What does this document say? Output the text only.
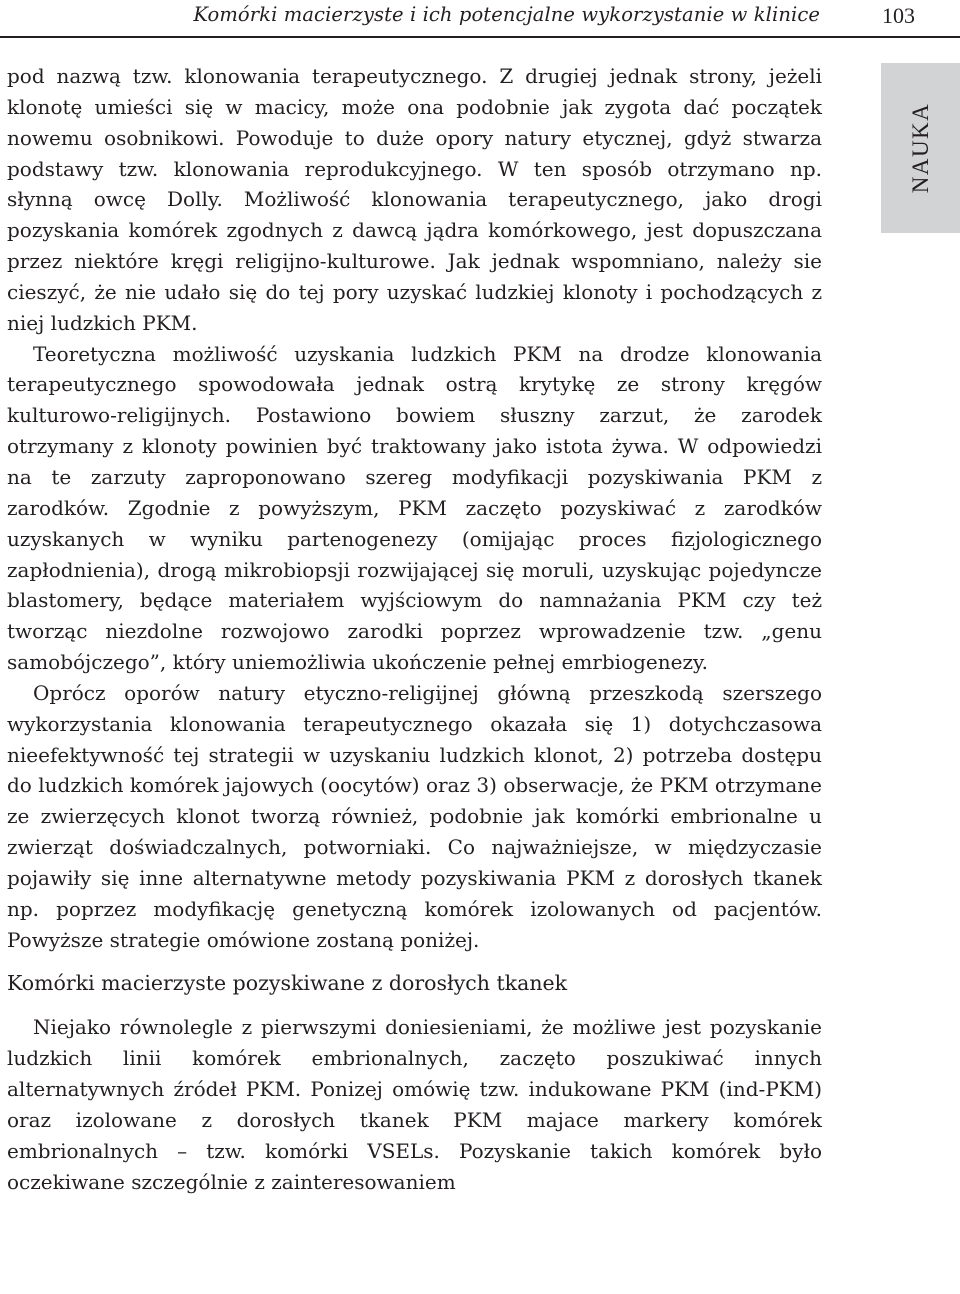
Komórki macierzyste i ich potencjalne wykorzystanie w klinice	103
NAUKA

pod nazwą tzw. klonowania terapeutycznego. Z drugiej jednak strony, jeżeli klonotę umieści się w macicy, może ona podobnie jak zygota dać początek nowemu osobnikowi. Powoduje to duże opory natury etycznej, gdyż stwarza podstawy tzw. klonowania reprodukcyjnego. W ten sposób otrzymano np. słynną owcę Dolly. Możliwość klonowania terapeutycznego, jako drogi pozyskania komórek zgodnych z dawcą jądra komórkowego, jest dopuszczana przez niektóre kręgi religijno-kulturowe. Jak jednak wspomniano, należy sie cieszyć, że nie udało się do tej pory uzyskać ludzkiej klonoty i pochodzących z niej ludzkich PKM.

Teoretyczna możliwość uzyskania ludzkich PKM na drodze klonowania terapeutycznego spowodowała jednak ostrą krytykę ze strony kręgów kulturowo-religijnych. Postawiono bowiem słuszny zarzut, że zarodek otrzymany z klonoty powinien być traktowany jako istota żywa. W odpowiedzi na te zarzuty zaproponowano szereg modyfikacji pozyskiwania PKM z zarodków. Zgodnie z powyższym, PKM zaczęto pozyskiwać z zarodków uzyskanych w wyniku partenogenezy (omijając proces fizjologicznego zapłodnienia), drogą mikrobiopsji rozwijającej się moruli, uzyskując pojedyncze blastomery, będące materiałem wyjściowym do namnażania PKM czy też tworząc niezdolne rozwojowo zarodki poprzez wprowadzenie tzw. „genu samobójczego”, który uniemożliwia ukończenie pełnej emrbiogenezy.

Oprócz oporów natury etyczno-religijnej główną przeszkodą szerszego wykorzystania klonowania terapeutycznego okazała się 1) dotychczasowa nieefektywność tej strategii w uzyskaniu ludzkich klonot, 2) potrzeba dostępu do ludzkich komórek jajowych (oocytów) oraz 3) obserwacje, że PKM otrzymane ze zwierzęcych klonot tworzą również, podobnie jak komórki embrionalne u zwierząt doświadczalnych, potworniaki. Co najważniejsze, w międzyczasie pojawiły się inne alternatywne metody pozyskiwania PKM z dorosłych tkanek np. poprzez modyfikację genetyczną komórek izolowanych od pacjentów. Powyższe strategie omówione zostaną poniżej.

Komórki macierzyste pozyskiwane z dorosłych tkanek

Niejako równolegle z pierwszymi doniesieniami, że możliwe jest pozyskanie ludzkich linii komórek embrionalnych, zaczęto poszukiwać innych alternatywnych źródeł PKM. Ponizej omówię tzw. indukowane PKM (ind-PKM) oraz izolowane z dorosłych tkanek PKM majace markery komórek embrionalnych – tzw. komórki VSELs. Pozyskanie takich komórek było oczekiwane szczególnie z zainteresowaniem
